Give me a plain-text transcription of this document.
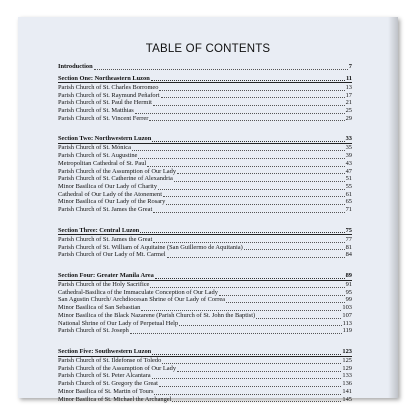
TABLE OF CONTENTS
Introduction	7
Section One: Northeastern Luzon	11
Parish Church of St. Charles Borromeo	13
Parish Church of St. Raymund Peñafort	17
Parish Church of St. Paul the Hermit	21
Parish Church of St. Matthias	25
Parish Church of St. Vincent Ferrer	29
Section Two: Northwestern Luzon	33
Parish Church of St. Mónica	35
Parish Church of St. Augustine	39
Metropolitan Cathedral of St. Paul	43
Parish Church of the Assumption of Our Lady	47
Parish Church of St. Catherine of Alexandria	51
Minor Basilica of Our Lady of Charity	55
Cathedral of Our Lady of the Atonement	61
Minor Basilica of Our Lady of the Rosary	65
Parish Church of St. James the Great	71
Section Three: Central Luzon	75
Parish Church of St. James the Great	77
Parish Church of St. William of Aquitaine (San Guillermo de Aquitania)	81
Parish Church of Our Lady of Mt. Carmel	84
Section Four: Greater Manila Area	89
Parish Church of the Holy Sacrifice	91
Cathedral-Basilica of the Immaculate Conception of Our Lady	95
San Agustin Church/ Archdiocesan Shrine of Our Lady of Correa	99
Minor Basilica of San Sebastian	103
Minor Basilica of the Black Nazarene (Parish Church of St. John the Baptist)	107
National Shrine of Our Lady of Perpetual Help	113
Parish Church of St. Joseph	119
Section Five: Southwestern Luzon	123
Parish Church of St. Ildefonse of Toledo	125
Parish Church of the Assumption of Our Lady	129
Parish Church of St. Peter Alcantara	133
Parish Church of St. Gregory the Great	136
Minor Basilica of St. Martin of Tours	141
Minor Basilica of St. Michael the Archangel	145
